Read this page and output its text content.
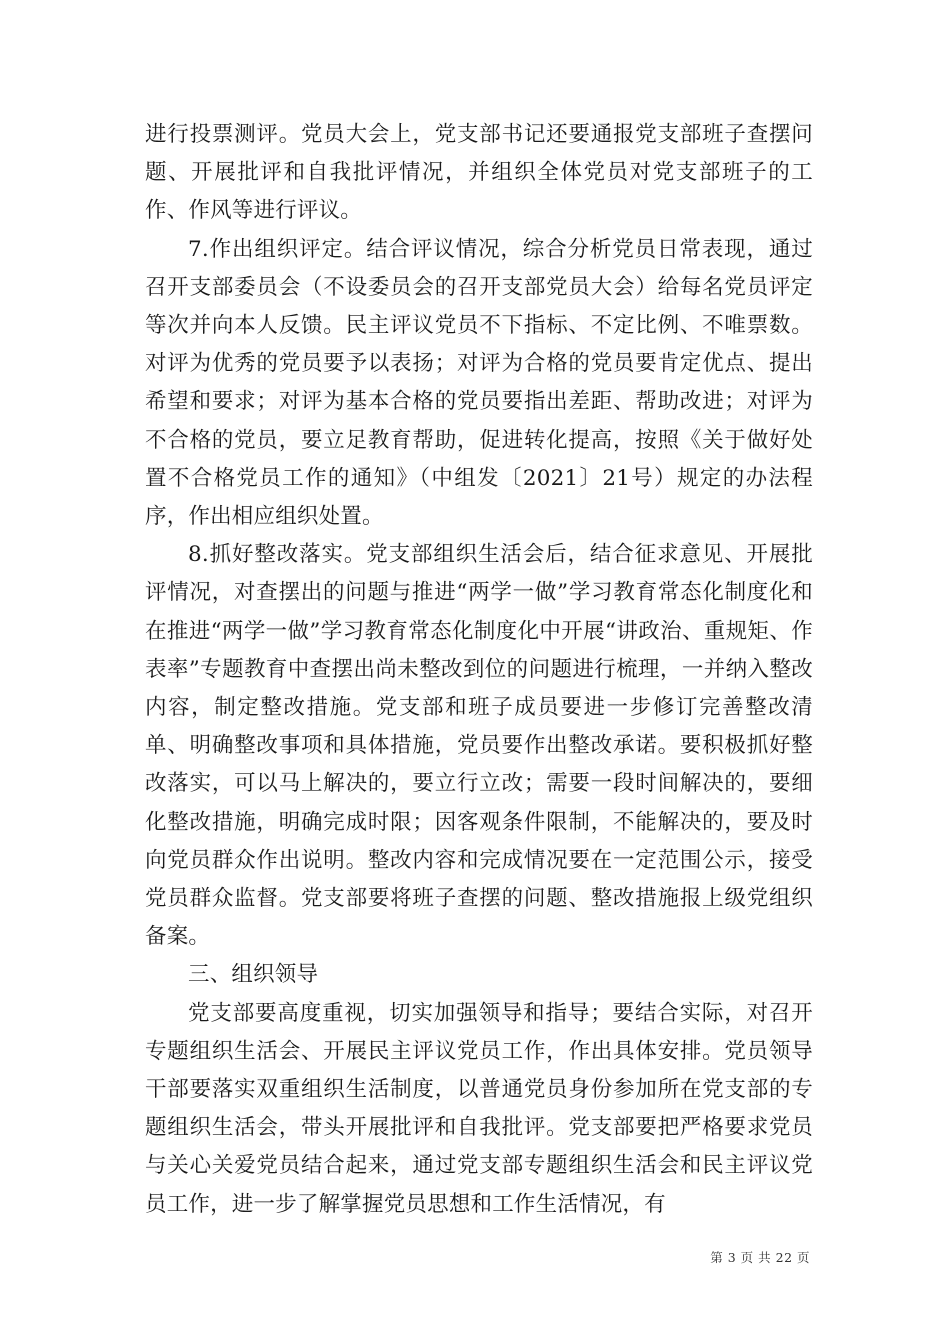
进行投票测评。党员大会上，党支部书记还要通报党支部班子查摆问题、开展批评和自我批评情况，并组织全体党员对党支部班子的工作、作风等进行评议。

7.作出组织评定。结合评议情况，综合分析党员日常表现，通过召开支部委员会（不设委员会的召开支部党员大会）给每名党员评定等次并向本人反馈。民主评议党员不下指标、不定比例、不唯票数。对评为优秀的党员要予以表扬；对评为合格的党员要肯定优点、提出希望和要求；对评为基本合格的党员要指出差距、帮助改进；对评为不合格的党员，要立足教育帮助，促进转化提高，按照《关于做好处置不合格党员工作的通知》（中组发〔2021〕21号）规定的办法程序，作出相应组织处置。

8.抓好整改落实。党支部组织生活会后，结合征求意见、开展批评情况，对查摆出的问题与推进“两学一做”学习教育常态化制度化和在推进“两学一做”学习教育常态化制度化中开展“讲政治、重规矩、作表率”专题教育中查摆出尚未整改到位的问题进行梳理，一并纳入整改内容，制定整改措施。党支部和班子成员要进一步修订完善整改清单、明确整改事项和具体措施，党员要作出整改承诺。要积极抓好整改落实，可以马上解决的，要立行立改；需要一段时间解决的，要细化整改措施，明确完成时限；因客观条件限制，不能解决的，要及时向党员群众作出说明。整改内容和完成情况要在一定范围公示，接受党员群众监督。党支部要将班子查摆的问题、整改措施报上级党组织备案。

三、组织领导

党支部要高度重视，切实加强领导和指导；要结合实际，对召开专题组织生活会、开展民主评议党员工作，作出具体安排。党员领导干部要落实双重组织生活制度，以普通党员身份参加所在党支部的专题组织生活会，带头开展批评和自我批评。党支部要把严格要求党员与关心关爱党员结合起来，通过党支部专题组织生活会和民主评议党员工作，进一步了解掌握党员思想和工作生活情况，有

第 3 页 共 22 页
